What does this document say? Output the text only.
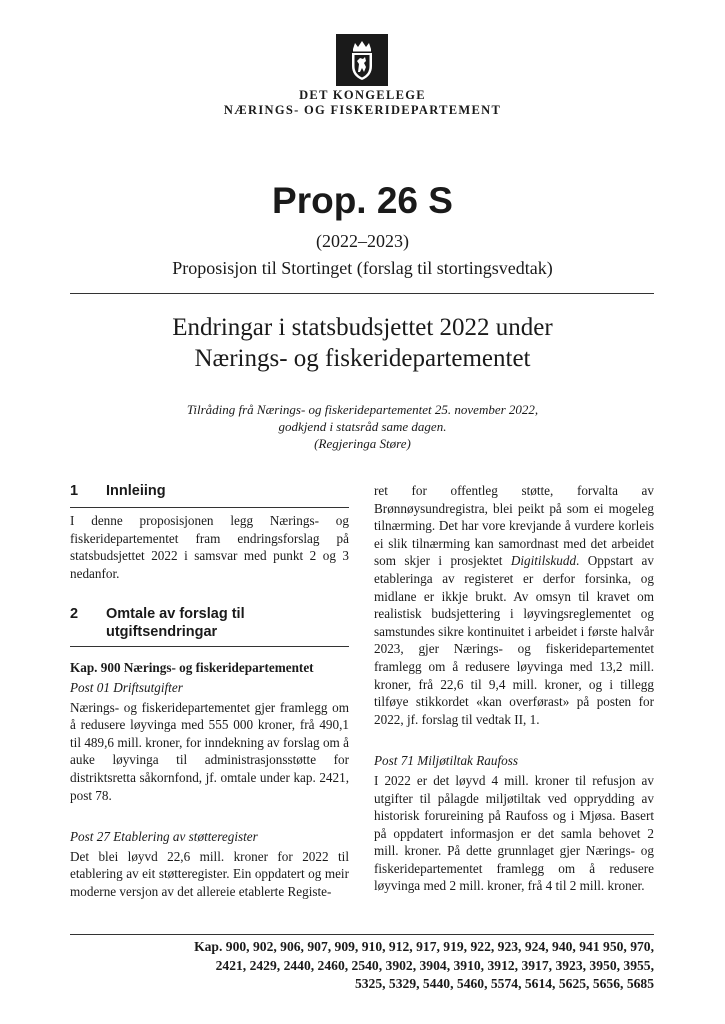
DET KONGELEGE
NÆRINGS- OG FISKERIDEPARTEMENT
Prop. 26 S
(2022–2023)
Proposisjon til Stortinget (forslag til stortingsvedtak)
Endringar i statsbudsjettet 2022 under
Nærings- og fiskeridepartementet
Tilråding frå Nærings- og fiskeridepartementet 25. november 2022,
godkjend i statsråd same dagen.
(Regjeringa Støre)
1 Innleiing

I denne proposisjonen legg Nærings- og fiskeridepartementet fram endringsforslag på statsbudsjettet 2022 i samsvar med punkt 2 og 3 nedanfor.

2 Omtale av forslag til
utgiftsendringar

Kap. 900 Nærings- og fiskeridepartementet

Post 01 Driftsutgifter

Nærings- og fiskeridepartementet gjer framlegg om å redusere løyvinga med 555 000 kroner, frå 490,1 til 489,6 mill. kroner, for inndekning av forslag om å auke løyvinga til administrasjonsstøtte for distriktsretta såkornfond, jf. omtale under kap. 2421, post 78.

Post 27 Etablering av støtteregister

Det blei løyvd 22,6 mill. kroner for 2022 til etablering av eit støtteregister. Ein oppdatert og meir moderne versjon av det allereie etablerte Registe-

ret for offentleg støtte, forvalta av Brønnøysundregistra, blei peikt på som ei mogeleg tilnærming. Det har vore krevjande å vurdere korleis ei slik tilnærming kan samordnast med det arbeidet som skjer i prosjektet Digitilskudd. Oppstart av etableringa av registeret er derfor forsinka, og midlane er ikkje brukt. Av omsyn til kravet om realistisk budsjettering i løyvingsreglementet og samstundes sikre kontinuitet i arbeidet i første halvår 2023, gjer Nærings- og fiskeridepartementet framlegg om å redusere løyvinga med 13,2 mill. kroner, frå 22,6 til 9,4 mill. kroner, og i tillegg tilføye stikkordet «kan overførast» på posten for 2022, jf. forslag til vedtak II, 1.

Post 71 Miljøtiltak Raufoss

I 2022 er det løyvd 4 mill. kroner til refusjon av utgifter til pålagde miljøtiltak ved opprydding av historisk forureining på Raufoss og i Mjøsa. Basert på oppdatert informasjon er det samla behovet 2 mill. kroner. På dette grunnlaget gjer Nærings- og fiskeridepartementet framlegg om å redusere løyvinga med 2 mill. kroner, frå 4 til 2 mill. kroner.

Kap. 900, 902, 906, 907, 909, 910, 912, 917, 919, 922, 923, 924, 940, 941 950, 970,
2421, 2429, 2440, 2460, 2540, 3902, 3904, 3910, 3912, 3917, 3923, 3950, 3955,
5325, 5329, 5440, 5460, 5574, 5614, 5625, 5656, 5685
